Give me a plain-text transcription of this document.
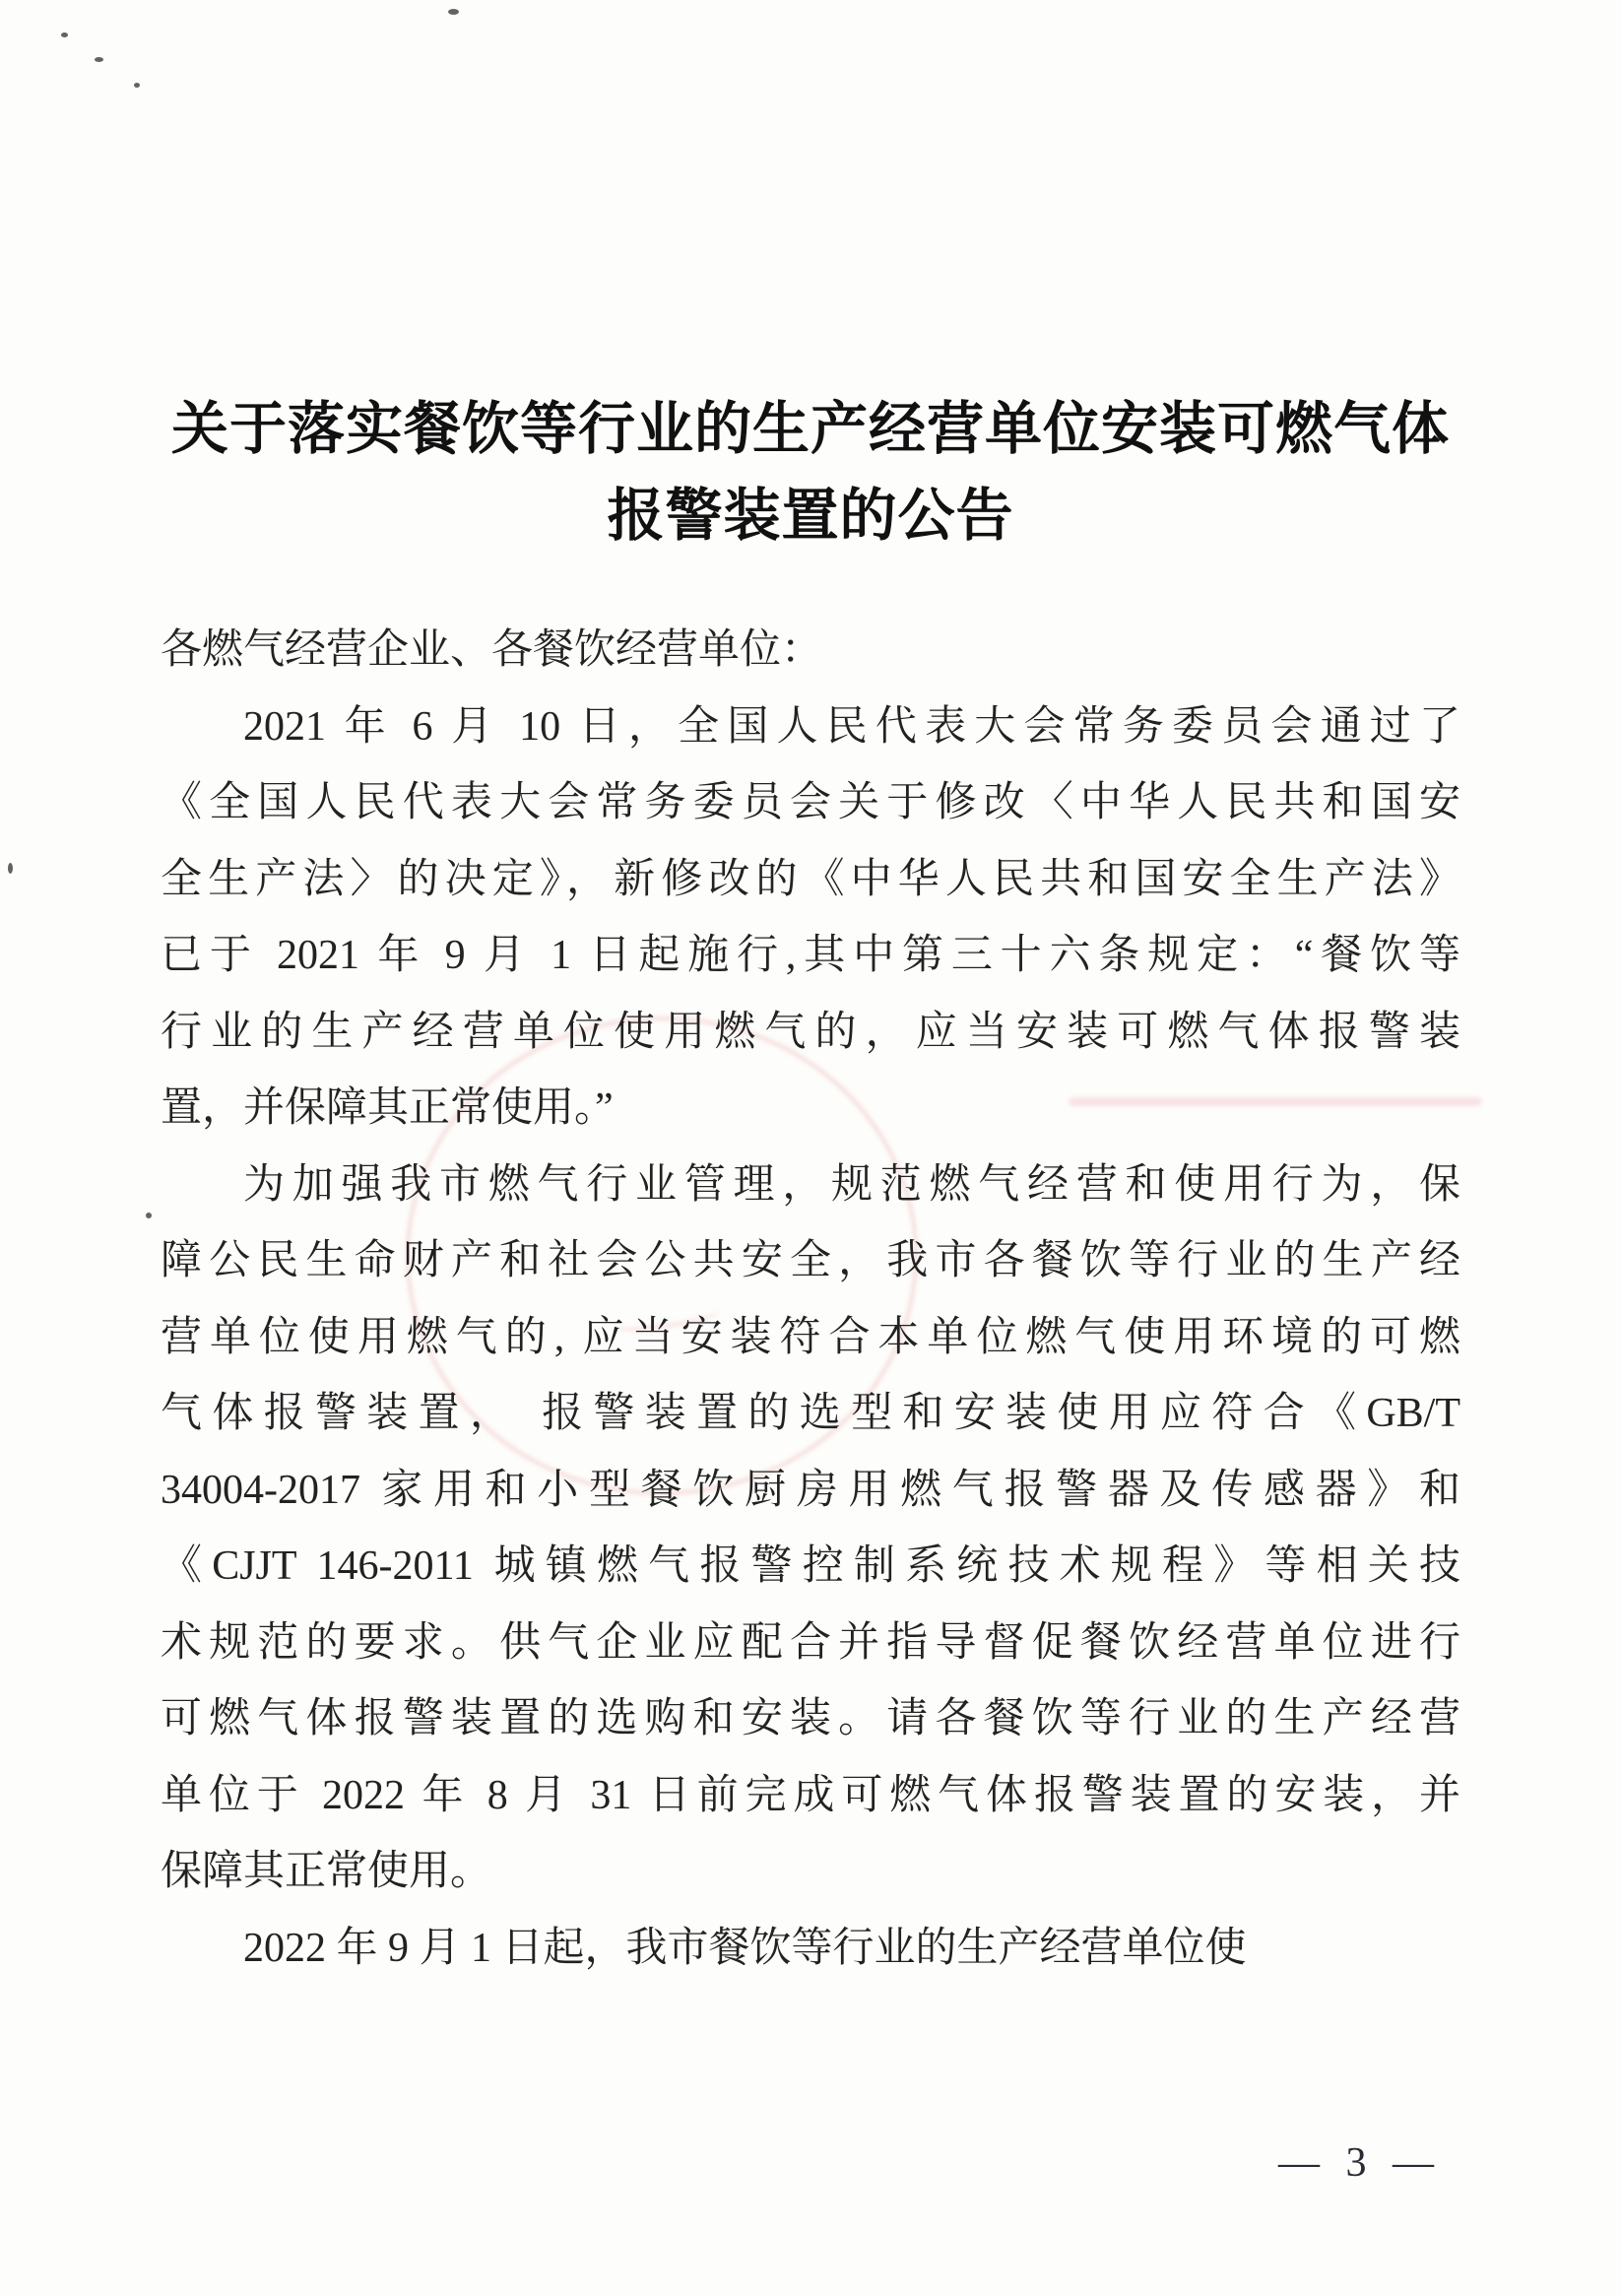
关于落实餐饮等行业的生产经营单位安装可燃气体
报警装置的公告
各燃气经营企业、各餐饮经营单位：
2021 年 6 月 10 日，全国人民代表大会常务委员会通过了
《全国人民代表大会常务委员会关于修改〈中华人民共和国安
全生产法〉的决定》，新修改的《中华人民共和国安全生产法》
已于 2021 年 9 月 1 日起施行,其中第三十六条规定：“餐饮等
行业的生产经营单位使用燃气的，应当安装可燃气体报警装
置，并保障其正常使用。”
为加强我市燃气行业管理，规范燃气经营和使用行为，保
障公民生命财产和社会公共安全，我市各餐饮等行业的生产经
营单位使用燃气的, 应当安装符合本单位燃气使用环境的可燃
气体报警装置， 报警装置的选型和安装使用应符合《GB/T
34004-2017 家用和小型餐饮厨房用燃气报警器及传感器》和
《CJJT 146-2011 城镇燃气报警控制系统技术规程》等相关技
术规范的要求。供气企业应配合并指导督促餐饮经营单位进行
可燃气体报警装置的选购和安装。请各餐饮等行业的生产经营
单位于 2022 年 8 月 31 日前完成可燃气体报警装置的安装，并
保障其正常使用。
2022 年 9 月 1 日起，我市餐饮等行业的生产经营单位使
— 3 —
